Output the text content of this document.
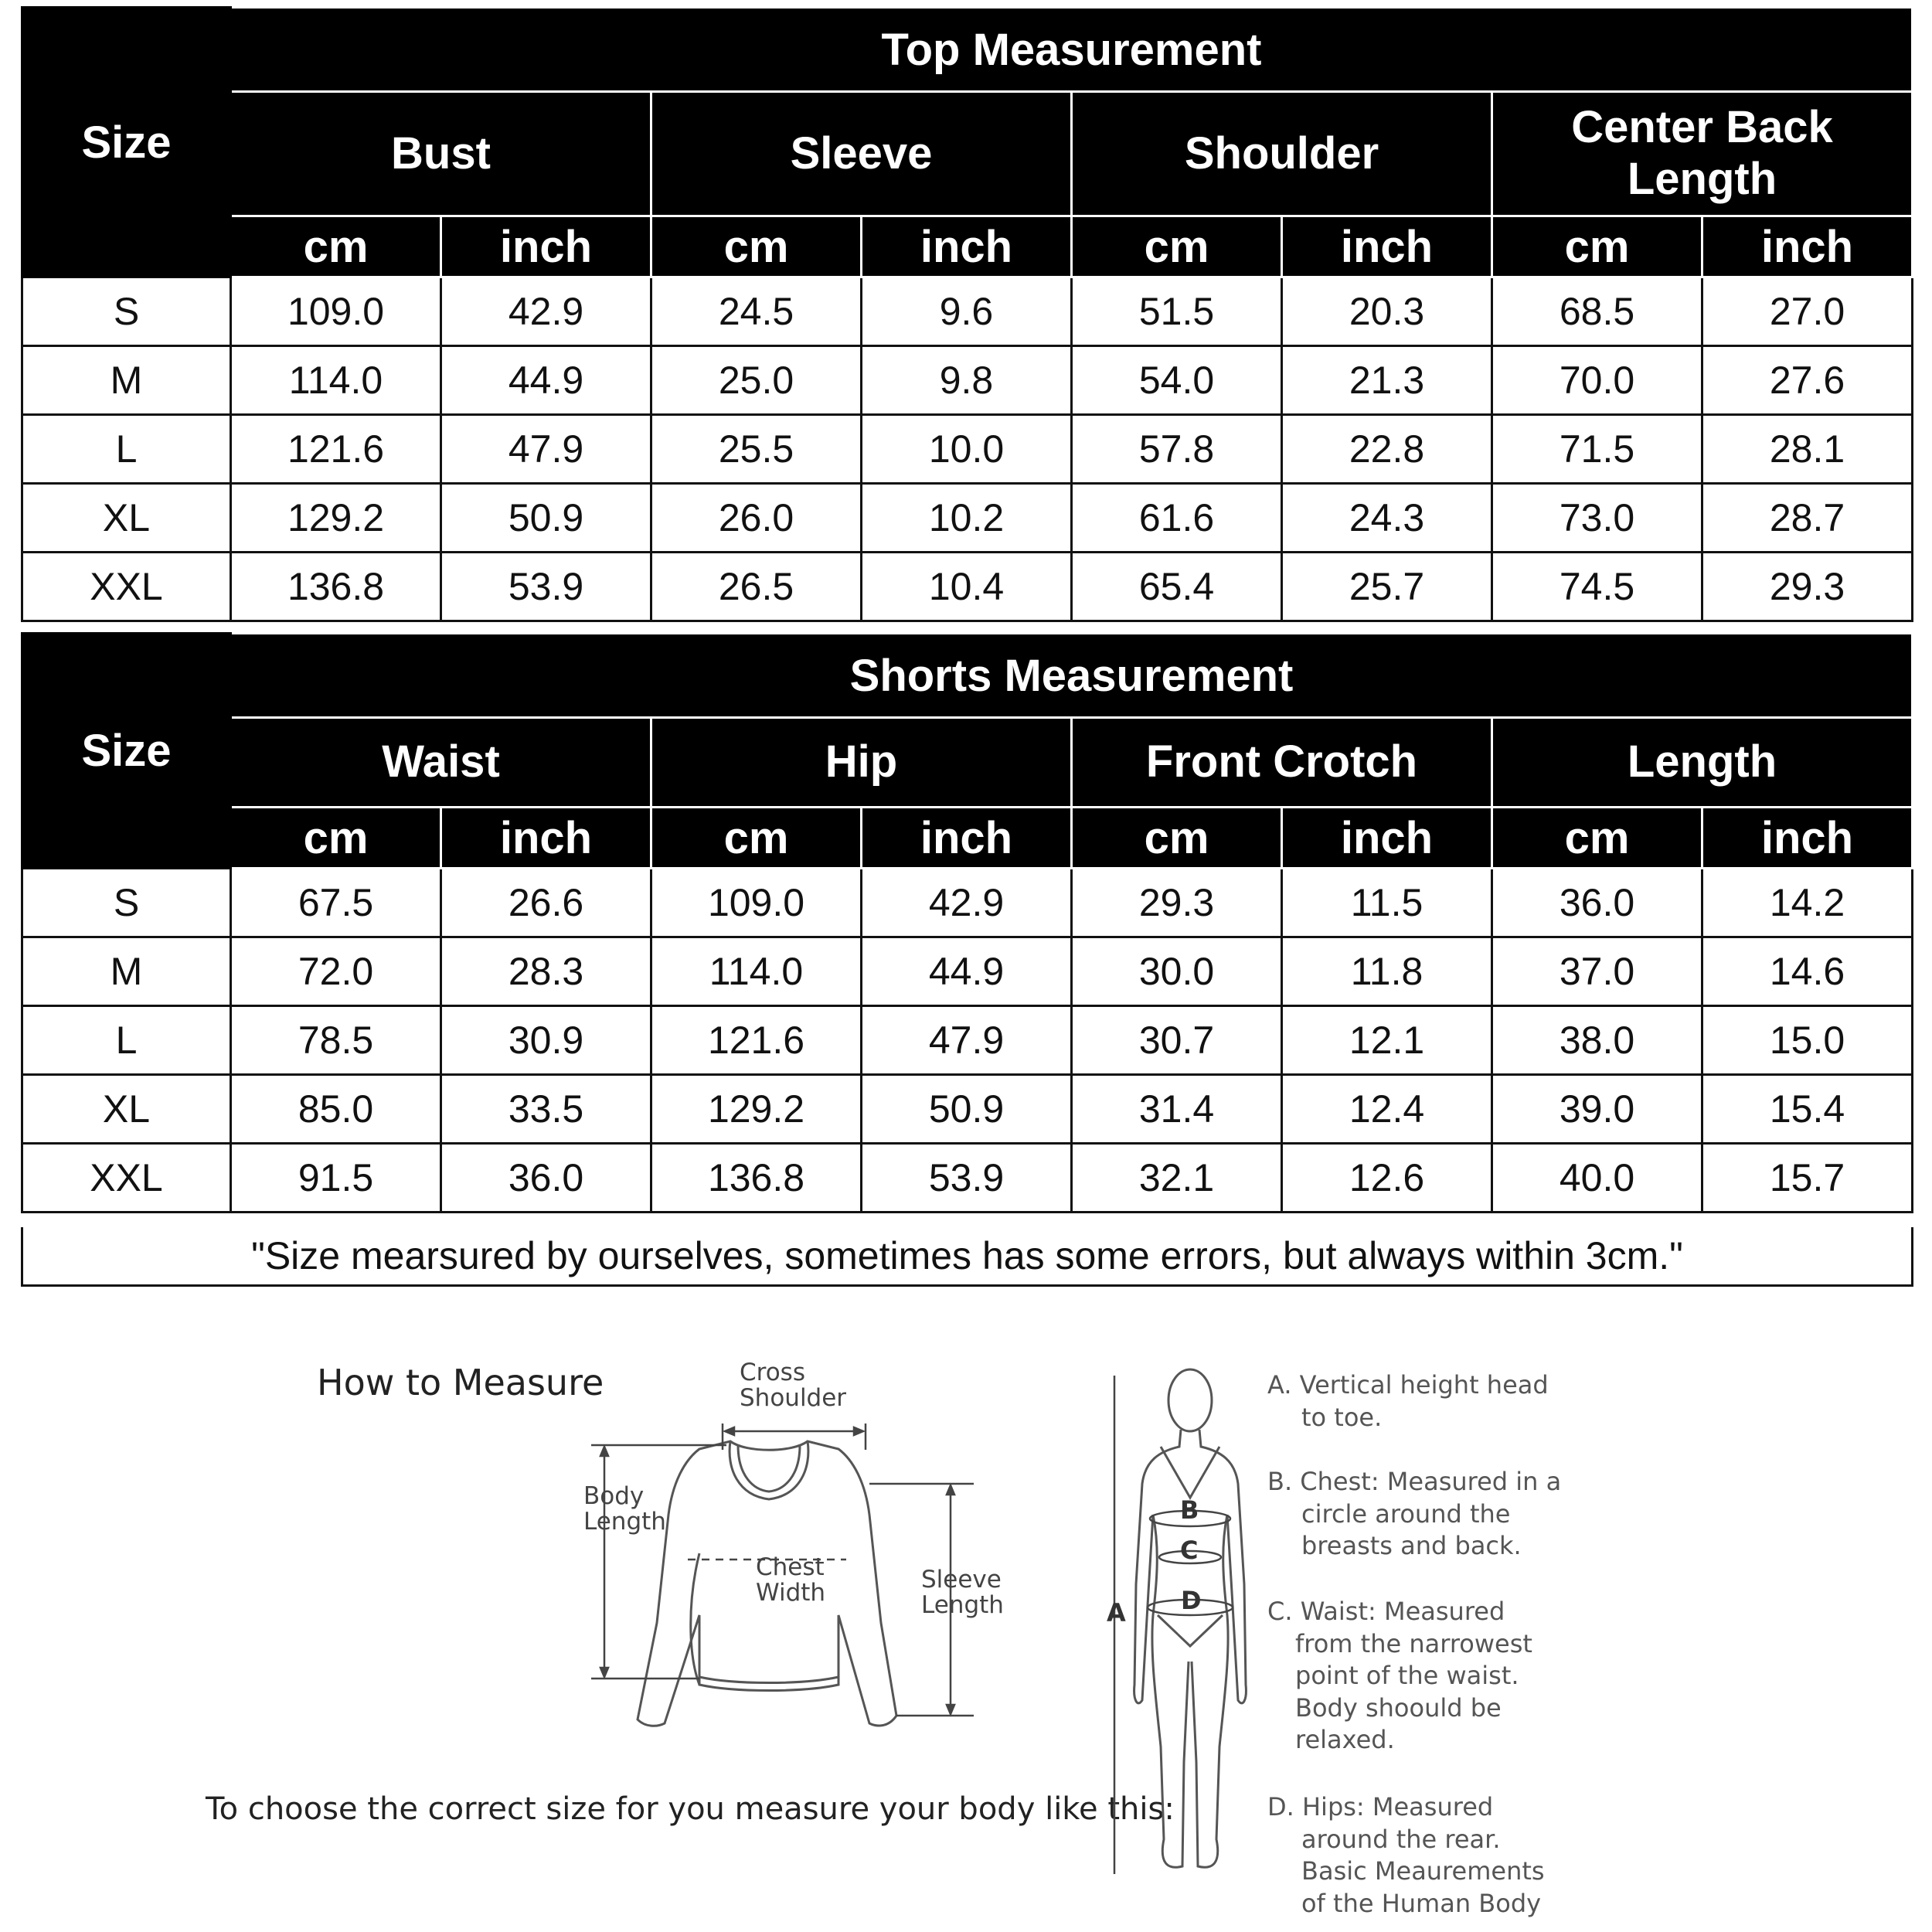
Size	Top Measurement							
	Bust		Sleeve		Shoulder		Center Back Length	
	cm	inch	cm	inch	cm	inch	cm	inch
S	109.0	42.9	24.5	9.6	51.5	20.3	68.5	27.0
M	114.0	44.9	25.0	9.8	54.0	21.3	70.0	27.6
L	121.6	47.9	25.5	10.0	57.8	22.8	71.5	28.1
XL	129.2	50.9	26.0	10.2	61.6	24.3	73.0	28.7
XXL	136.8	53.9	26.5	10.4	65.4	25.7	74.5	29.3
Size	Shorts Measurement							
	Waist		Hip		Front Crotch		Length	
	cm	inch	cm	inch	cm	inch	cm	inch
S	67.5	26.6	109.0	42.9	29.3	11.5	36.0	14.2
M	72.0	28.3	114.0	44.9	30.0	11.8	37.0	14.6
L	78.5	30.9	121.6	47.9	30.7	12.1	38.0	15.0
XL	85.0	33.5	129.2	50.9	31.4	12.4	39.0	15.4
XXL	91.5	36.0	136.8	53.9	32.1	12.6	40.0	15.7
"Size mearsured by ourselves, sometimes has some errors, but always within 3cm."
How to Measure	Cross
Shoulder
Body
Length
Chest
Width	Sleeve
Length
To choose the correct size for you measure your body like this:
B
C
D
A
A. Vertical height head
to toe.
B. Chest: Measured in a
circle around the
breasts and back.
C. Waist: Measured
from the narrowest
point of the waist.
Body shoould be
relaxed.
D. Hips: Measured
around the rear.
Basic Meaurements
of the Human Body
